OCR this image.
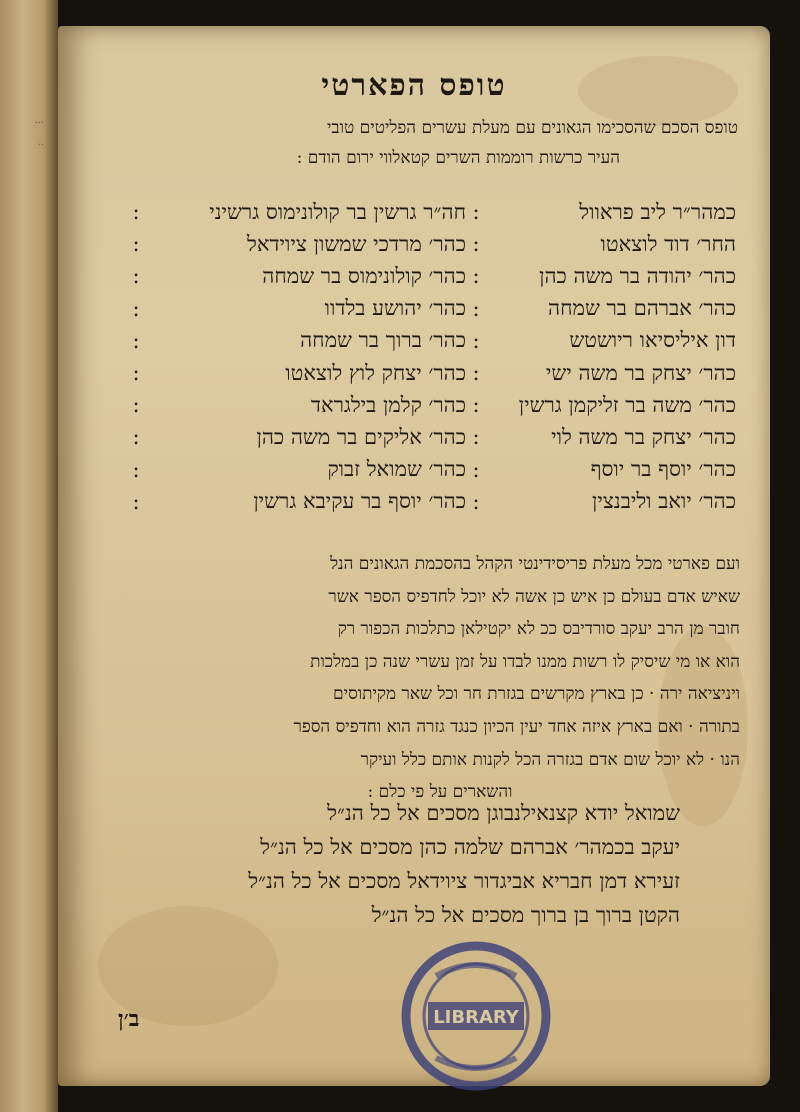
···
··
טופס הפארטי
טופס הסכם שהסכימו הגאונים עם מעלת עשרים הפליטים טובי
העיר כרשות רוממות השרים קטאלווי ירום הודם :
כמהר״ר ליב פראוול
:
חה״ר גרשין בר קולונימוס גרשיני
:
החר׳ דוד לוצאטו
:
כהר׳ מרדכי שמשון ציוידאל
:
כהר׳ יהודה בר משה כהן
:
כהר׳ קולונימוס בר שמחה
:
כהר׳ אברהם בר שמחה
:
כהר׳ יהושע בלדוו
:
דון איליסיאו ריושטש
:
כהר׳ ברוך בר שמחה
:
כהר׳ יצחק בר משה ישי
:
כהר׳ יצחק לוץ לוצאטו
:
כהר׳ משה בר זליקמן גרשין
:
כהר׳ קלמן בילגראד
:
כהר׳ יצחק בר משה לוי
:
כהר׳ אליקים בר משה כהן
:
כהר׳ יוסף בר יוסף
:
כהר׳ שמואל זבוק
:
כהר׳ יואב וליבנצין
:
כהר׳ יוסף בר עקיבא גרשין
:
ועם פארטי מכל מעלת פריסידינטי הקהל בהסכמת הגאונים הנל
שאיש אדם בעולם כן איש כן אשה לא יוכל לחדפיס הספר אשר
חובר מן הרב יעקב סורדיבס ככ לא יקטילאן כתלכות הכפור רק
הוא או מי שיסיק לו רשות ממנו לבדו על זמן עשרי שנה כן במלכות
ויניציאה ירה · כן בארץ מקרשים בגזרת חר וכל שאר מקיתוסים
בתורה · ואם בארץ איזה אחד יעין הכיון כנגד גזרה הוא וחדפיס הספר
הנו · לא יוכל שום אדם בגזרה הכל לקנות אותם כלל ועיקר
והשארים על פי כלם :
שמואל יודא קצנאילנבוגן מסכים אל כל הנ״ל
יעקב בכמהר׳ אברהם שלמה כהן מסכים אל כל הנ״ל
זעירא דמן חבריא אביגדור ציוידאל מסכים אל כל הנ״ל
הקטן ברוך בן ברוך מסכים אל כל הנ״ל
ב׳ן	LIBRARY
